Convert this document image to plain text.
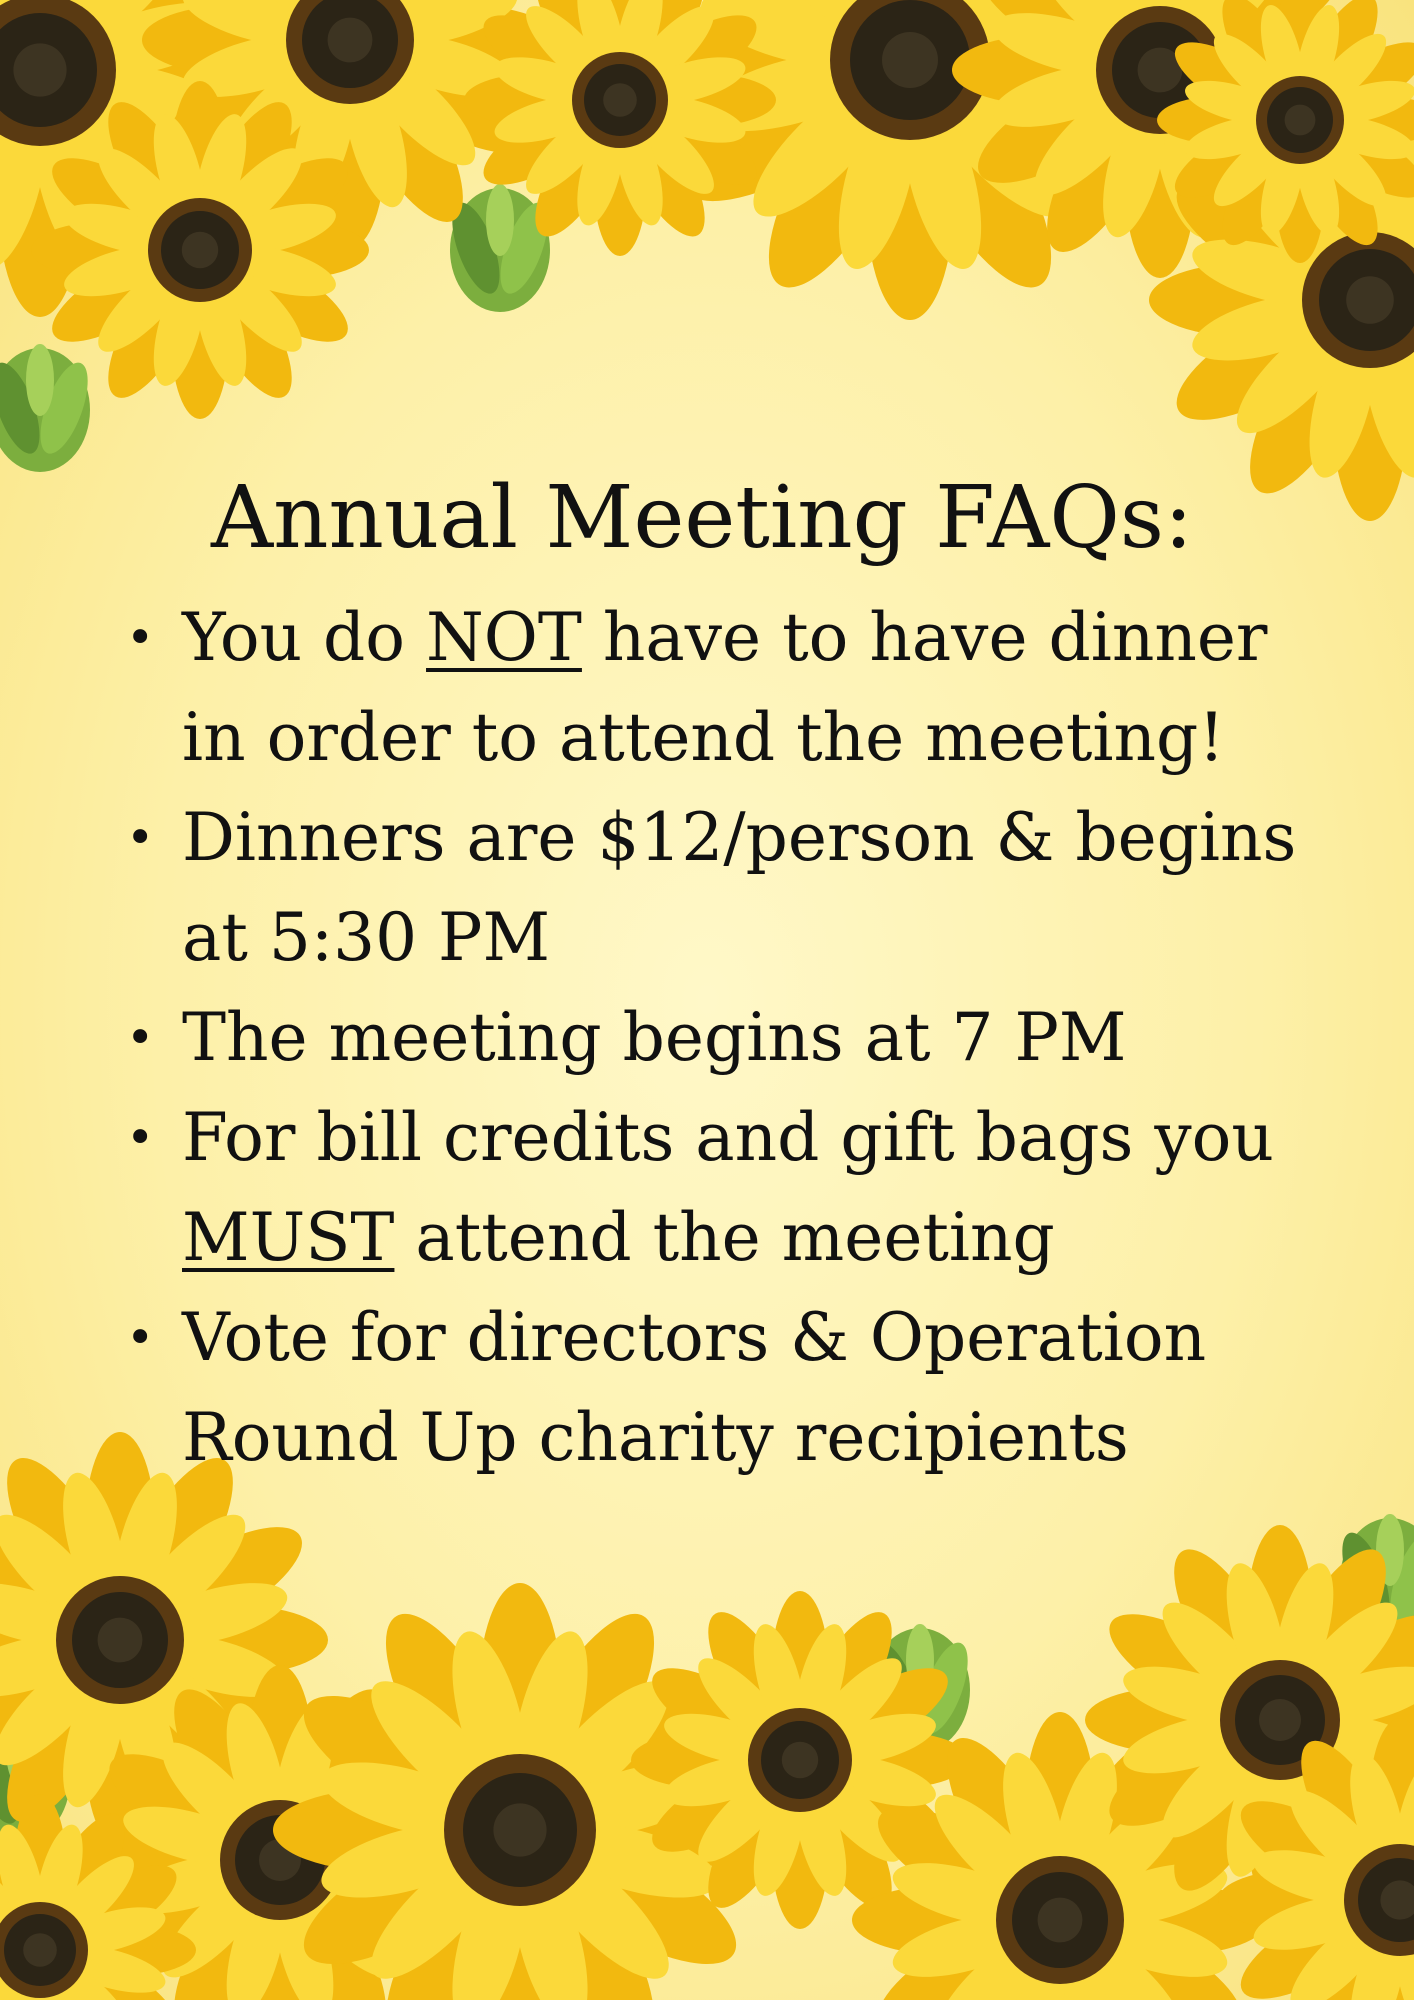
Annual Meeting FAQs:
• You do NOT have to have dinner in order to attend the meeting!
• Dinners are $12/person & begins at 5:30 PM
• The meeting begins at 7 PM
• For bill credits and gift bags you MUST attend the meeting
• Vote for directors & Operation Round Up charity recipients
